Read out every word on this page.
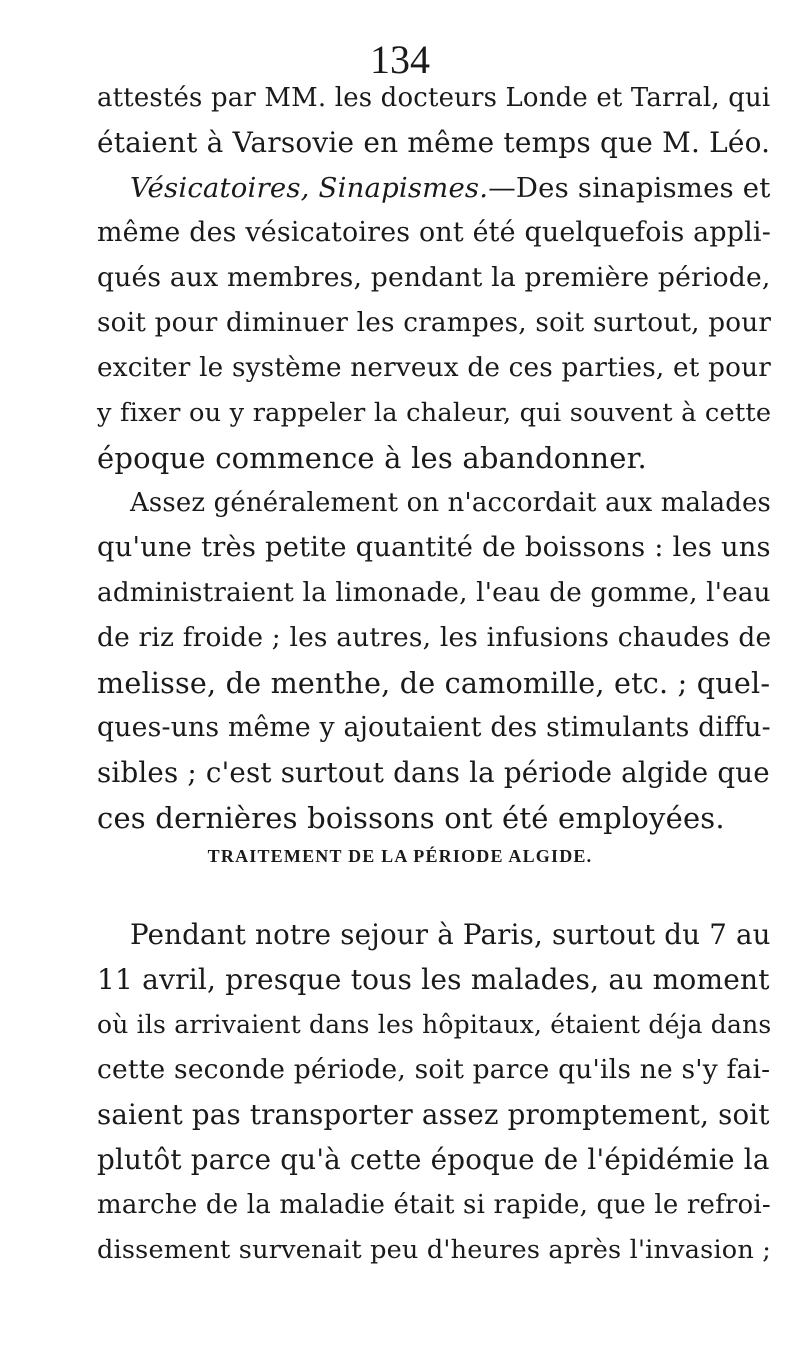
134
attestés par MM. les docteurs Londe et Tarral, qui
étaient à Varsovie en même temps que M. Léo.
Vésicatoires, Sinapismes.—Des sinapismes et
même des vésicatoires ont été quelquefois appli-
qués aux membres, pendant la première période,
soit pour diminuer les crampes, soit surtout, pour
exciter le système nerveux de ces parties, et pour
y fixer ou y rappeler la chaleur, qui souvent à cette
époque commence à les abandonner.
Assez généralement on n'accordait aux malades
qu'une très petite quantité de boissons : les uns
administraient la limonade, l'eau de gomme, l'eau
de riz froide ; les autres, les infusions chaudes de
melisse, de menthe, de camomille, etc. ; quel-
ques-uns même y ajoutaient des stimulants diffu-
sibles ; c'est surtout dans la période algide que
ces dernières boissons ont été employées.
TRAITEMENT DE LA PÉRIODE ALGIDE.
Pendant notre sejour à Paris, surtout du 7 au
11 avril, presque tous les malades, au moment
où ils arrivaient dans les hôpitaux, étaient déja dans
cette seconde période, soit parce qu'ils ne s'y fai-
saient pas transporter assez promptement, soit
plutôt parce qu'à cette époque de l'épidémie la
marche de la maladie était si rapide, que le refroi-
dissement survenait peu d'heures après l'invasion ;
